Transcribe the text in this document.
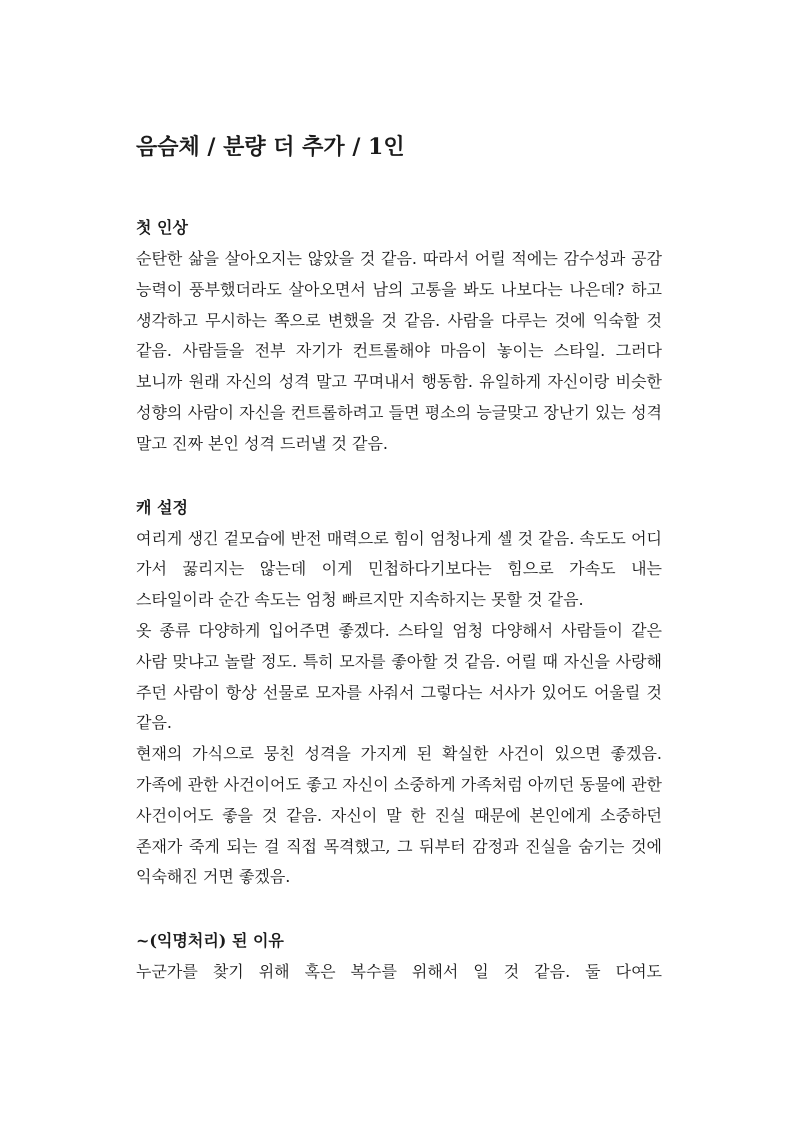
음슴체 / 분량 더 추가 / 1인
첫 인상

순탄한 삶을 살아오지는 않았을 것 같음. 따라서 어릴 적에는 감수성과 공감 능력이 풍부했더라도 살아오면서 남의 고통을 봐도 나보다는 나은데? 하고 생각하고 무시하는 쪽으로 변했을 것 같음. 사람을 다루는 것에 익숙할 것 같음. 사람들을 전부 자기가 컨트롤해야 마음이 놓이는 스타일. 그러다 보니까 원래 자신의 성격 말고 꾸며내서 행동함. 유일하게 자신이랑 비슷한 성향의 사람이 자신을 컨트롤하려고 들면 평소의 능글맞고 장난기 있는 성격 말고 진짜 본인 성격 드러낼 것 같음.

캐 설정

여리게 생긴 겉모습에 반전 매력으로 힘이 엄청나게 셀 것 같음. 속도도 어디 가서 꿇리지는 않는데 이게 민첩하다기보다는 힘으로 가속도 내는 스타일이라 순간 속도는 엄청 빠르지만 지속하지는 못할 것 같음.

옷 종류 다양하게 입어주면 좋겠다. 스타일 엄청 다양해서 사람들이 같은 사람 맞냐고 놀랄 정도. 특히 모자를 좋아할 것 같음. 어릴 때 자신을 사랑해 주던 사람이 항상 선물로 모자를 사줘서 그렇다는 서사가 있어도 어울릴 것 같음.

현재의 가식으로 뭉친 성격을 가지게 된 확실한 사건이 있으면 좋겠음. 가족에 관한 사건이어도 좋고 자신이 소중하게 가족처럼 아끼던 동물에 관한 사건이어도 좋을 것 같음. 자신이 말 한 진실 때문에 본인에게 소중하던 존재가 죽게 되는 걸 직접 목격했고, 그 뒤부터 감정과 진실을 숨기는 것에 익숙해진 거면 좋겠음.

~(익명처리) 된 이유

누군가를 찾기 위해 혹은 복수를 위해서 일 것 같음. 둘 다여도
